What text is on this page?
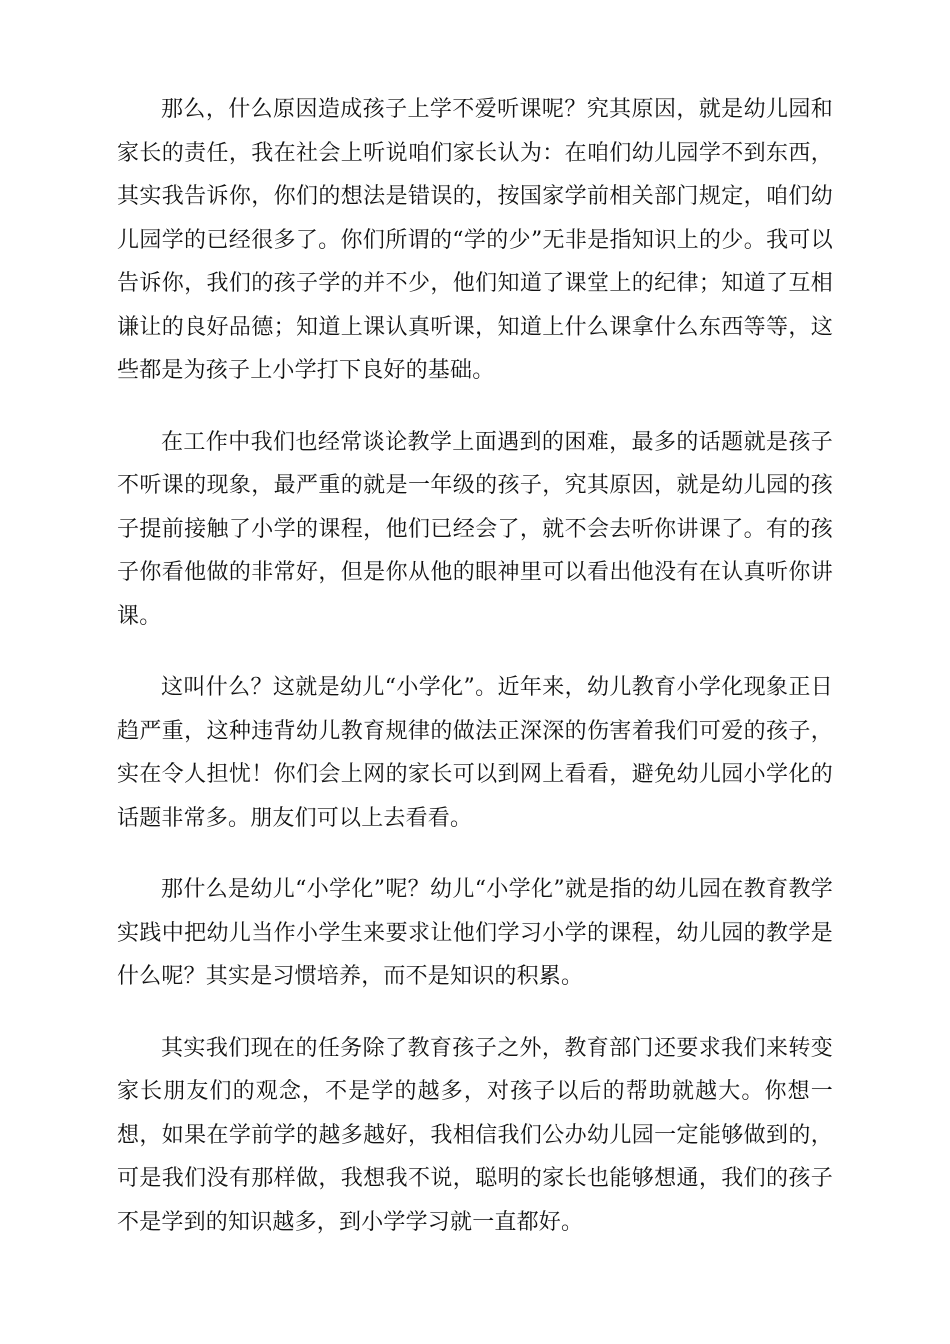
那么，什么原因造成孩子上学不爱听课呢？究其原因，就是幼儿园和家长的责任，我在社会上听说咱们家长认为：在咱们幼儿园学不到东西，其实我告诉你，你们的想法是错误的，按国家学前相关部门规定，咱们幼儿园学的已经很多了。你们所谓的“学的少”无非是指知识上的少。我可以告诉你，我们的孩子学的并不少，他们知道了课堂上的纪律；知道了互相谦让的良好品德；知道上课认真听课，知道上什么课拿什么东西等等，这些都是为孩子上小学打下良好的基础。

在工作中我们也经常谈论教学上面遇到的困难，最多的话题就是孩子不听课的现象，最严重的就是一年级的孩子，究其原因，就是幼儿园的孩子提前接触了小学的课程，他们已经会了，就不会去听你讲课了。有的孩子你看他做的非常好，但是你从他的眼神里可以看出他没有在认真听你讲课。

这叫什么？这就是幼儿“小学化”。近年来，幼儿教育小学化现象正日趋严重，这种违背幼儿教育规律的做法正深深的伤害着我们可爱的孩子，实在令人担忧！你们会上网的家长可以到网上看看，避免幼儿园小学化的话题非常多。朋友们可以上去看看。

那什么是幼儿“小学化”呢？幼儿“小学化”就是指的幼儿园在教育教学实践中把幼儿当作小学生来要求让他们学习小学的课程，幼儿园的教学是什么呢？其实是习惯培养，而不是知识的积累。

其实我们现在的任务除了教育孩子之外，教育部门还要求我们来转变家长朋友们的观念，不是学的越多，对孩子以后的帮助就越大。你想一想，如果在学前学的越多越好，我相信我们公办幼儿园一定能够做到的，可是我们没有那样做，我想我不说，聪明的家长也能够想通，我们的孩子不是学到的知识越多，到小学学习就一直都好。
